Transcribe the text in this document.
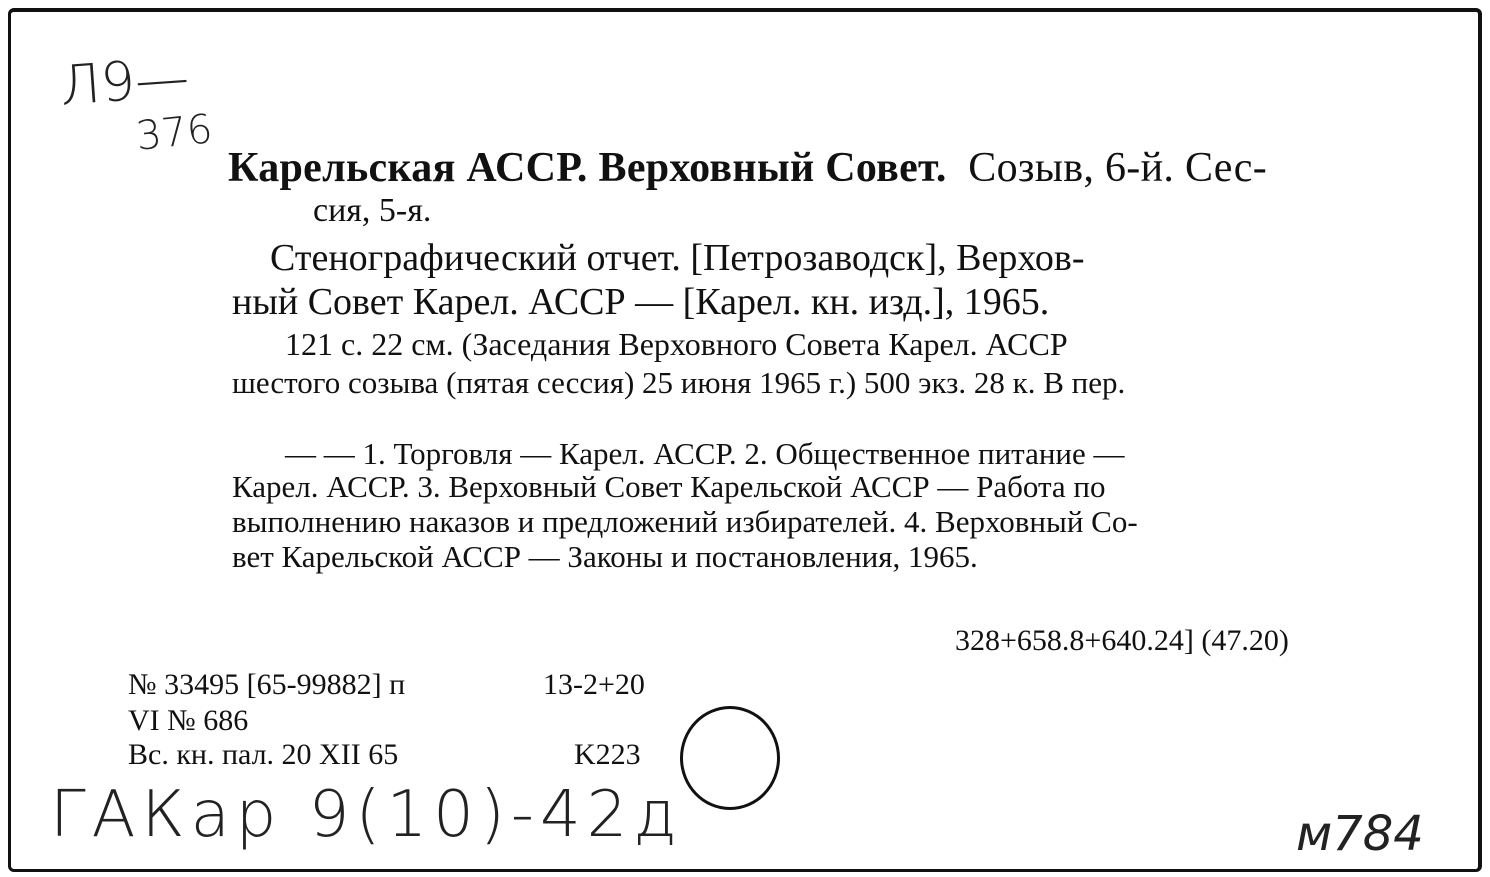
Л9—
376
Карельская АССР. Верховный Совет. Созыв, 6-й. Сес-
сия, 5-я.
Стенографический отчет. [Петрозаводск], Верхов-
ный Совет Карел. АССР — [Карел. кн. изд.], 1965.
121 с. 22 см. (Заседания Верховного Совета Карел. АССР
шестого созыва (пятая сессия) 25 июня 1965 г.) 500 экз. 28 к. В пер.
— — 1. Торговля — Карел. АССР. 2. Общественное питание —
Карел. АССР. 3. Верховный Совет Карельской АССР — Работа по
выполнению наказов и предложений избирателей. 4. Верховный Со-
вет Карельской АССР — Законы и постановления, 1965.
328+658.8+640.24] (47.20)
№ 33495 [65-99882] п	13-2+20
VI № 686
Вс. кн. пал. 20 XII 65	K223
ГАКар 9(10)-42д	м784
